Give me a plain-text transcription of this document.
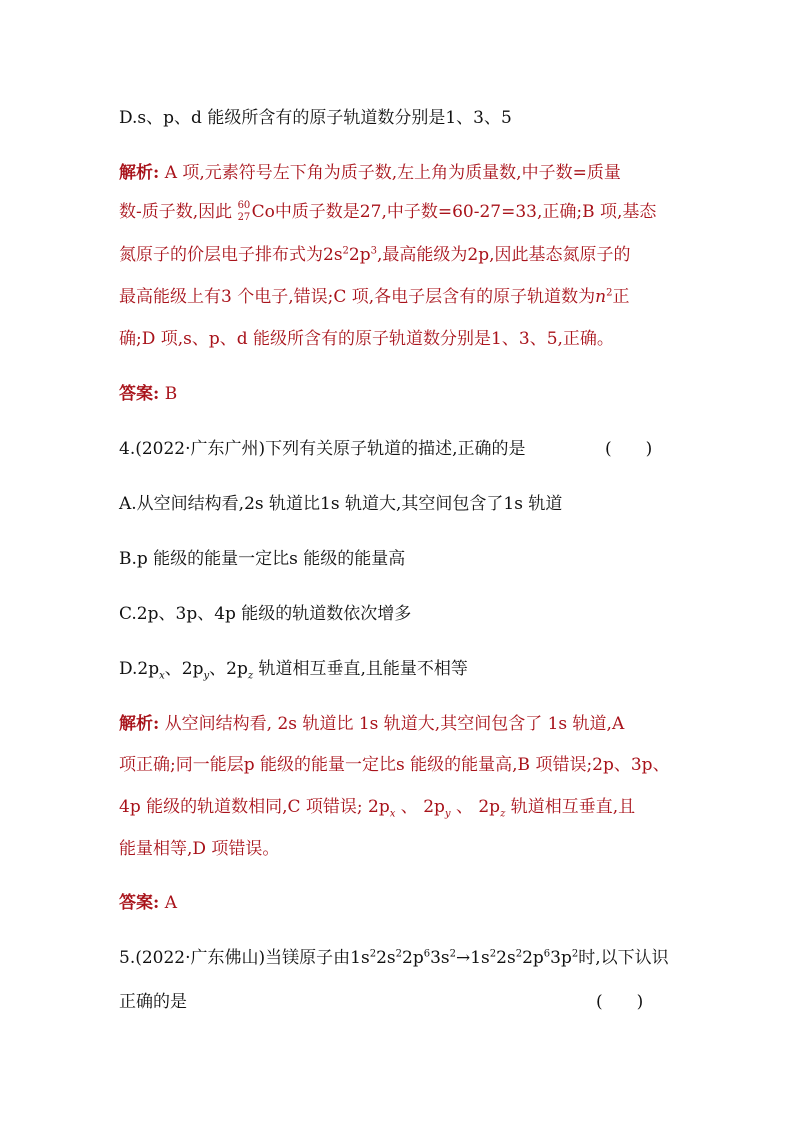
D.s、p、d 能级所含有的原子轨道数分别是1、3、5
解析: A 项,元素符号左下角为质子数,左上角为质量数,中子数=质量
数-质子数,因此 60
27 Co中质子数是27,中子数=60-27=33,正确;B 项,基态
氮原子的价层电子排布式为$2s^22p^3$,最高能级为2p,因此基态氮原子的
最高能级上有3 个电子,错误;C 项,各电子层含有的原子轨道数为$n^2$正
确;D 项,s、p、d 能级所含有的原子轨道数分别是1、3、5,正确。
答案: B
4.(2022·广东广州)下列有关原子轨道的描述,正确的是	(　　)
A.从空间结构看,2s 轨道比1s 轨道大,其空间包含了1s 轨道
B.p 能级的能量一定比s 能级的能量高
C.2p、3p、4p 能级的轨道数依次增多
$D.2p_x$、$2p_y$、$2p_z$ 轨道相互垂直,且能量不相等
解析: 从空间结构看, 2s 轨道比 1s 轨道大,其空间包含了 1s 轨道,A
项正确;同一能层p 能级的能量一定比s 能级的能量高,B 项错误;2p、3p、
4p 能级的轨道数相同,C 项错误; $2p_x$ 、 $2p_y$ 、 $2p_z$ 轨道相互垂直,且
能量相等,D 项错误。
答案: A
5.(2022·广东佛山)当镁原子由$1s^22s^22p^63s^2\to 1s^22s^22p^63p^2$时,以下认识
正确的是	(　　)
